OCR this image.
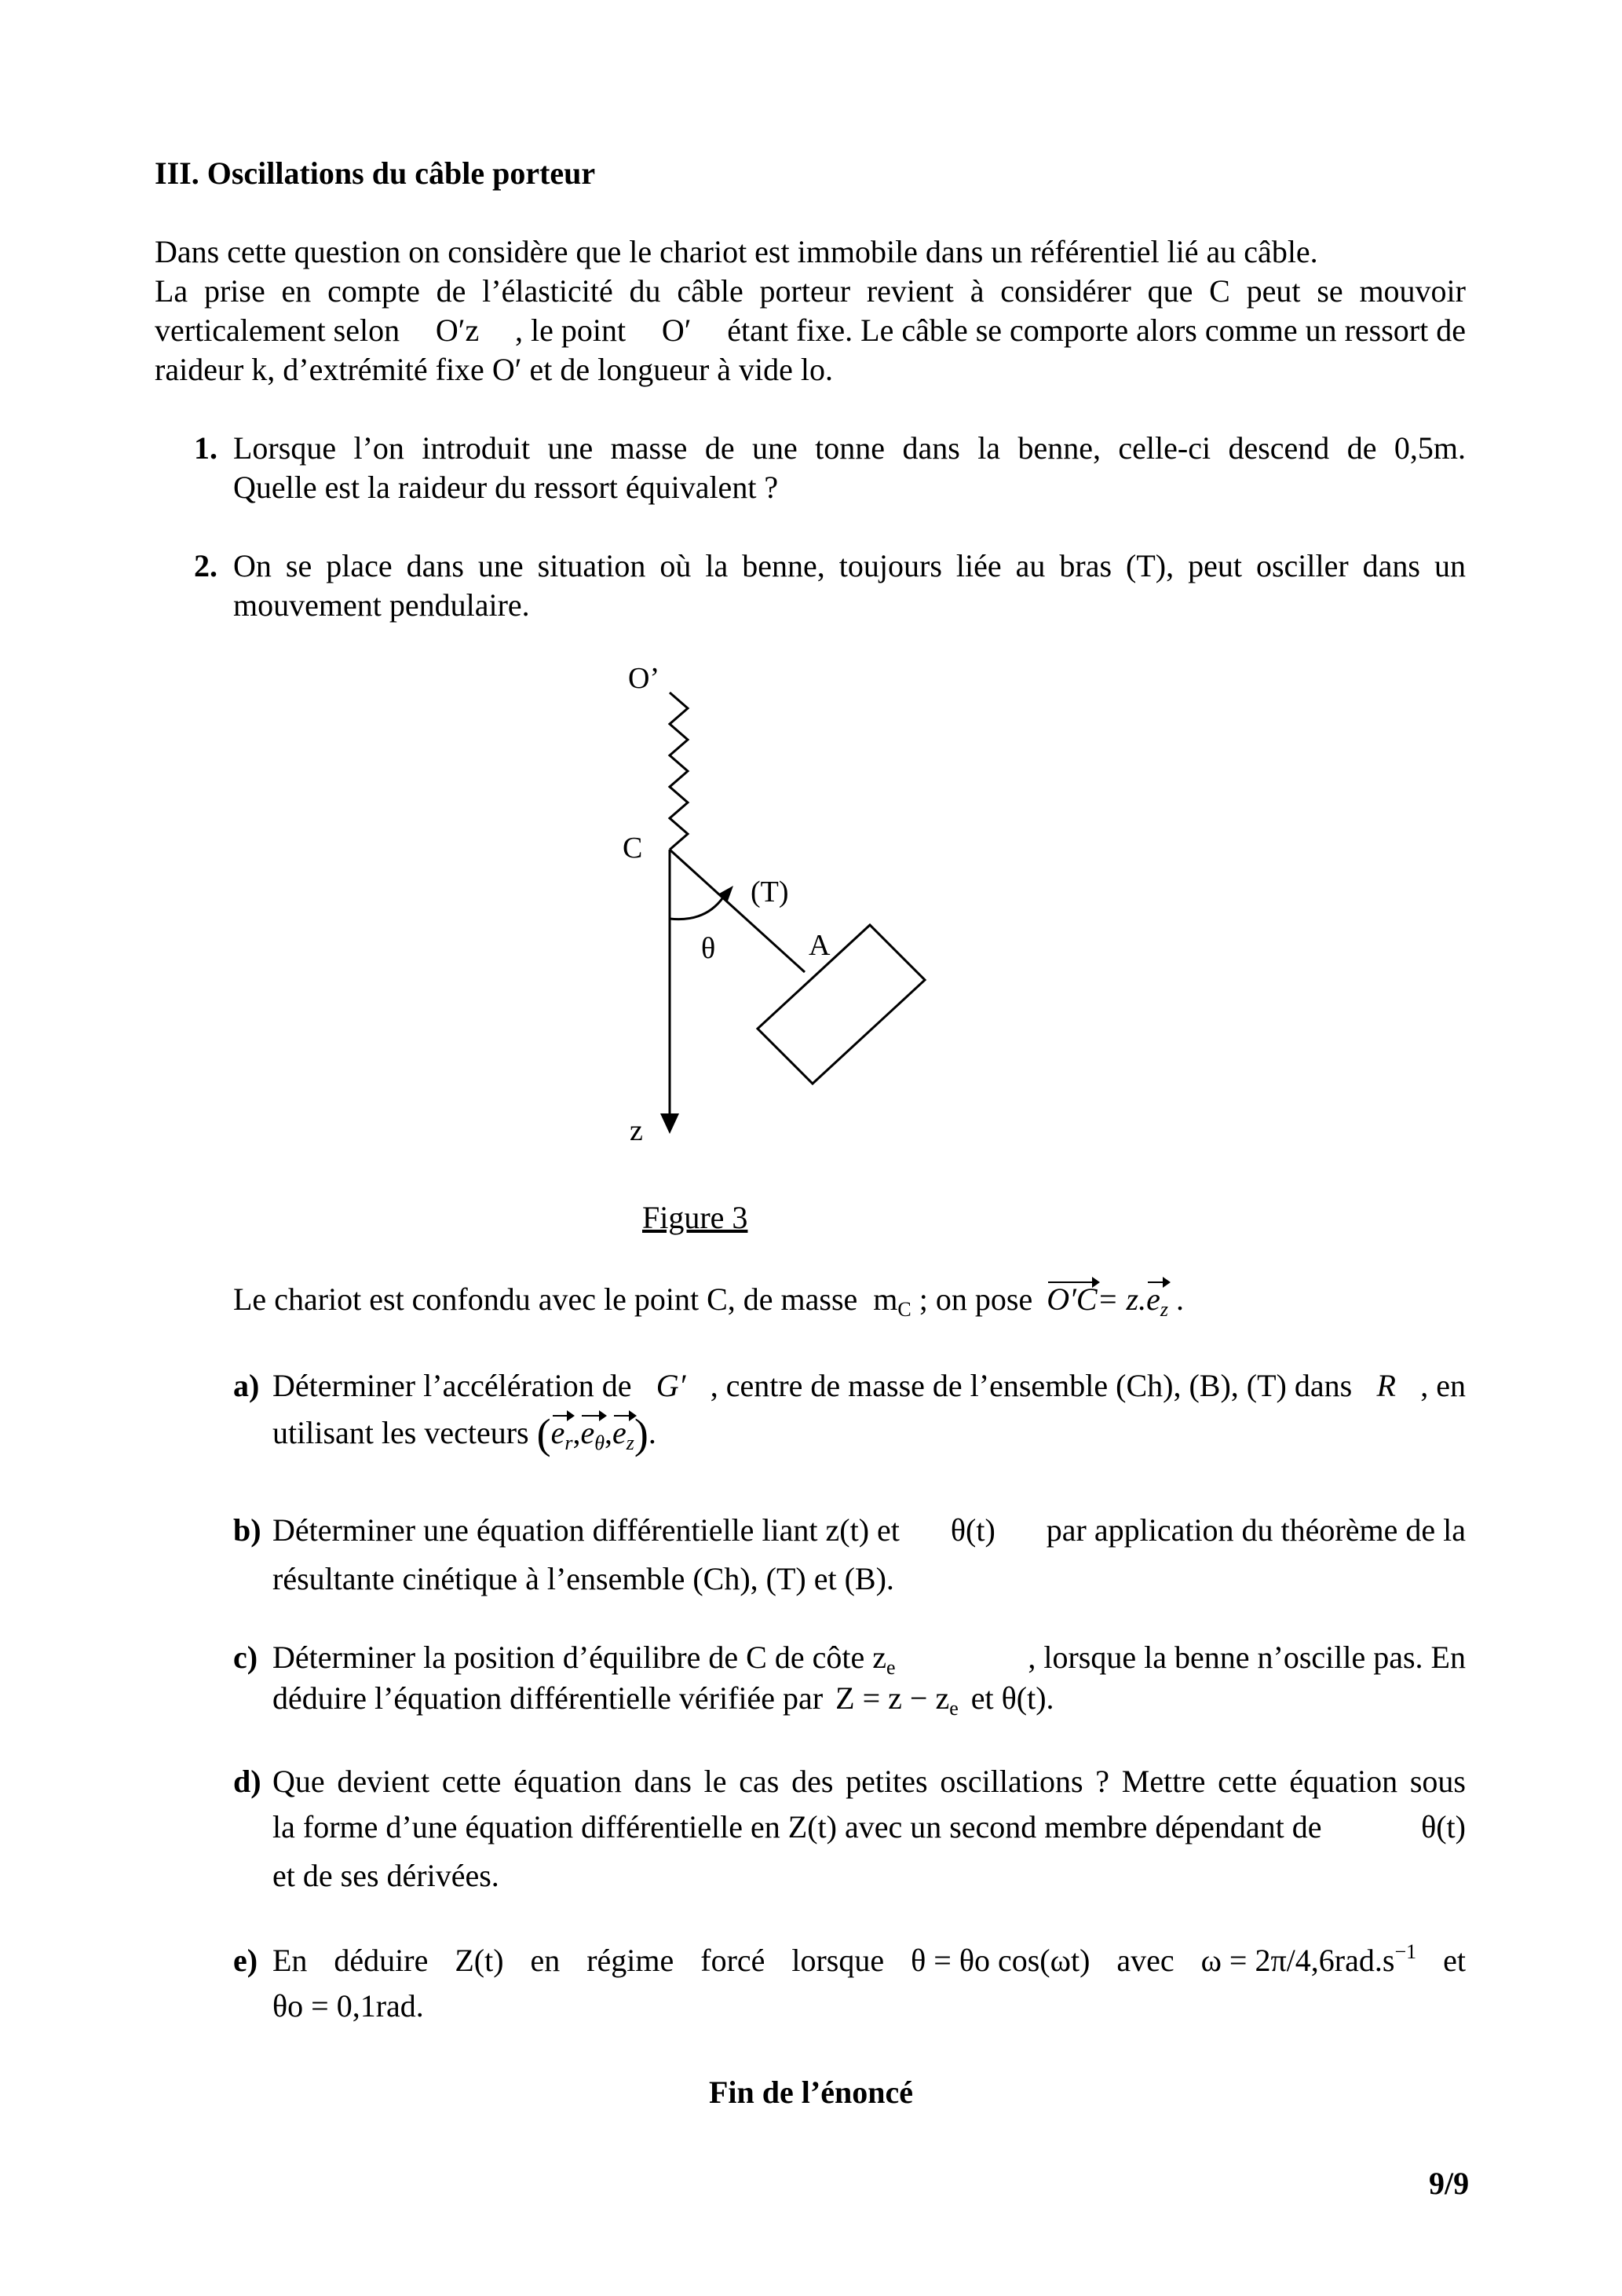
III. Oscillations du câble porteur
Dans cette question on considère que le chariot est immobile dans un référentiel lié au câble.
La prise en compte de l’élasticité du câble porteur revient à considérer que C peut se mouvoir
verticalement selon O′z , le point O′ étant fixe. Le câble se comporte alors comme un ressort de
raideur k, d’extrémité fixe O′ et de longueur à vide lo.
1. Lorsque l’on introduit une masse de une tonne dans la benne, celle-ci descend de 0,5m.
Quelle est la raideur du ressort équivalent ?
2. On se place dans une situation où la benne, toujours liée au bras (T), peut osciller dans un
mouvement pendulaire.
O’
C
(T)
θ	A
z
Figure 3
Le chariot est confondu avec le point C, de masse $m_C$ ; on pose $O'C= z.e_z$ .
a) Déterminer l’accélération de G′ , centre de masse de l’ensemble (Ch), (B), (T) dans R , en
utilisant les vecteurs $(e_r,e_\theta,e_z)$.
b) Déterminer une équation différentielle liant z(t) et θ(t) par application du théorème de la
résultante cinétique à l’ensemble (Ch), (T) et (B).
c) Déterminer la position d’équilibre de C de côte $z_e$	, lorsque la benne n’oscille pas. En
déduire l’équation différentielle vérifiée par $Z = z - z_e$ et θ(t).
d) Que devient cette équation dans le cas des petites oscillations ? Mettre cette équation sous
la forme d’une équation différentielle en Z(t) avec un second membre dépendant de	θ(t)
et de ses dérivées.
e) En déduire Z(t) en régime forcé lorsque θ = θo cos(ωt) avec $\omega = 2\pi/4,6rad.s^{-1}$ et
θo = 0,1rad.
Fin de l’énoncé
9/9
